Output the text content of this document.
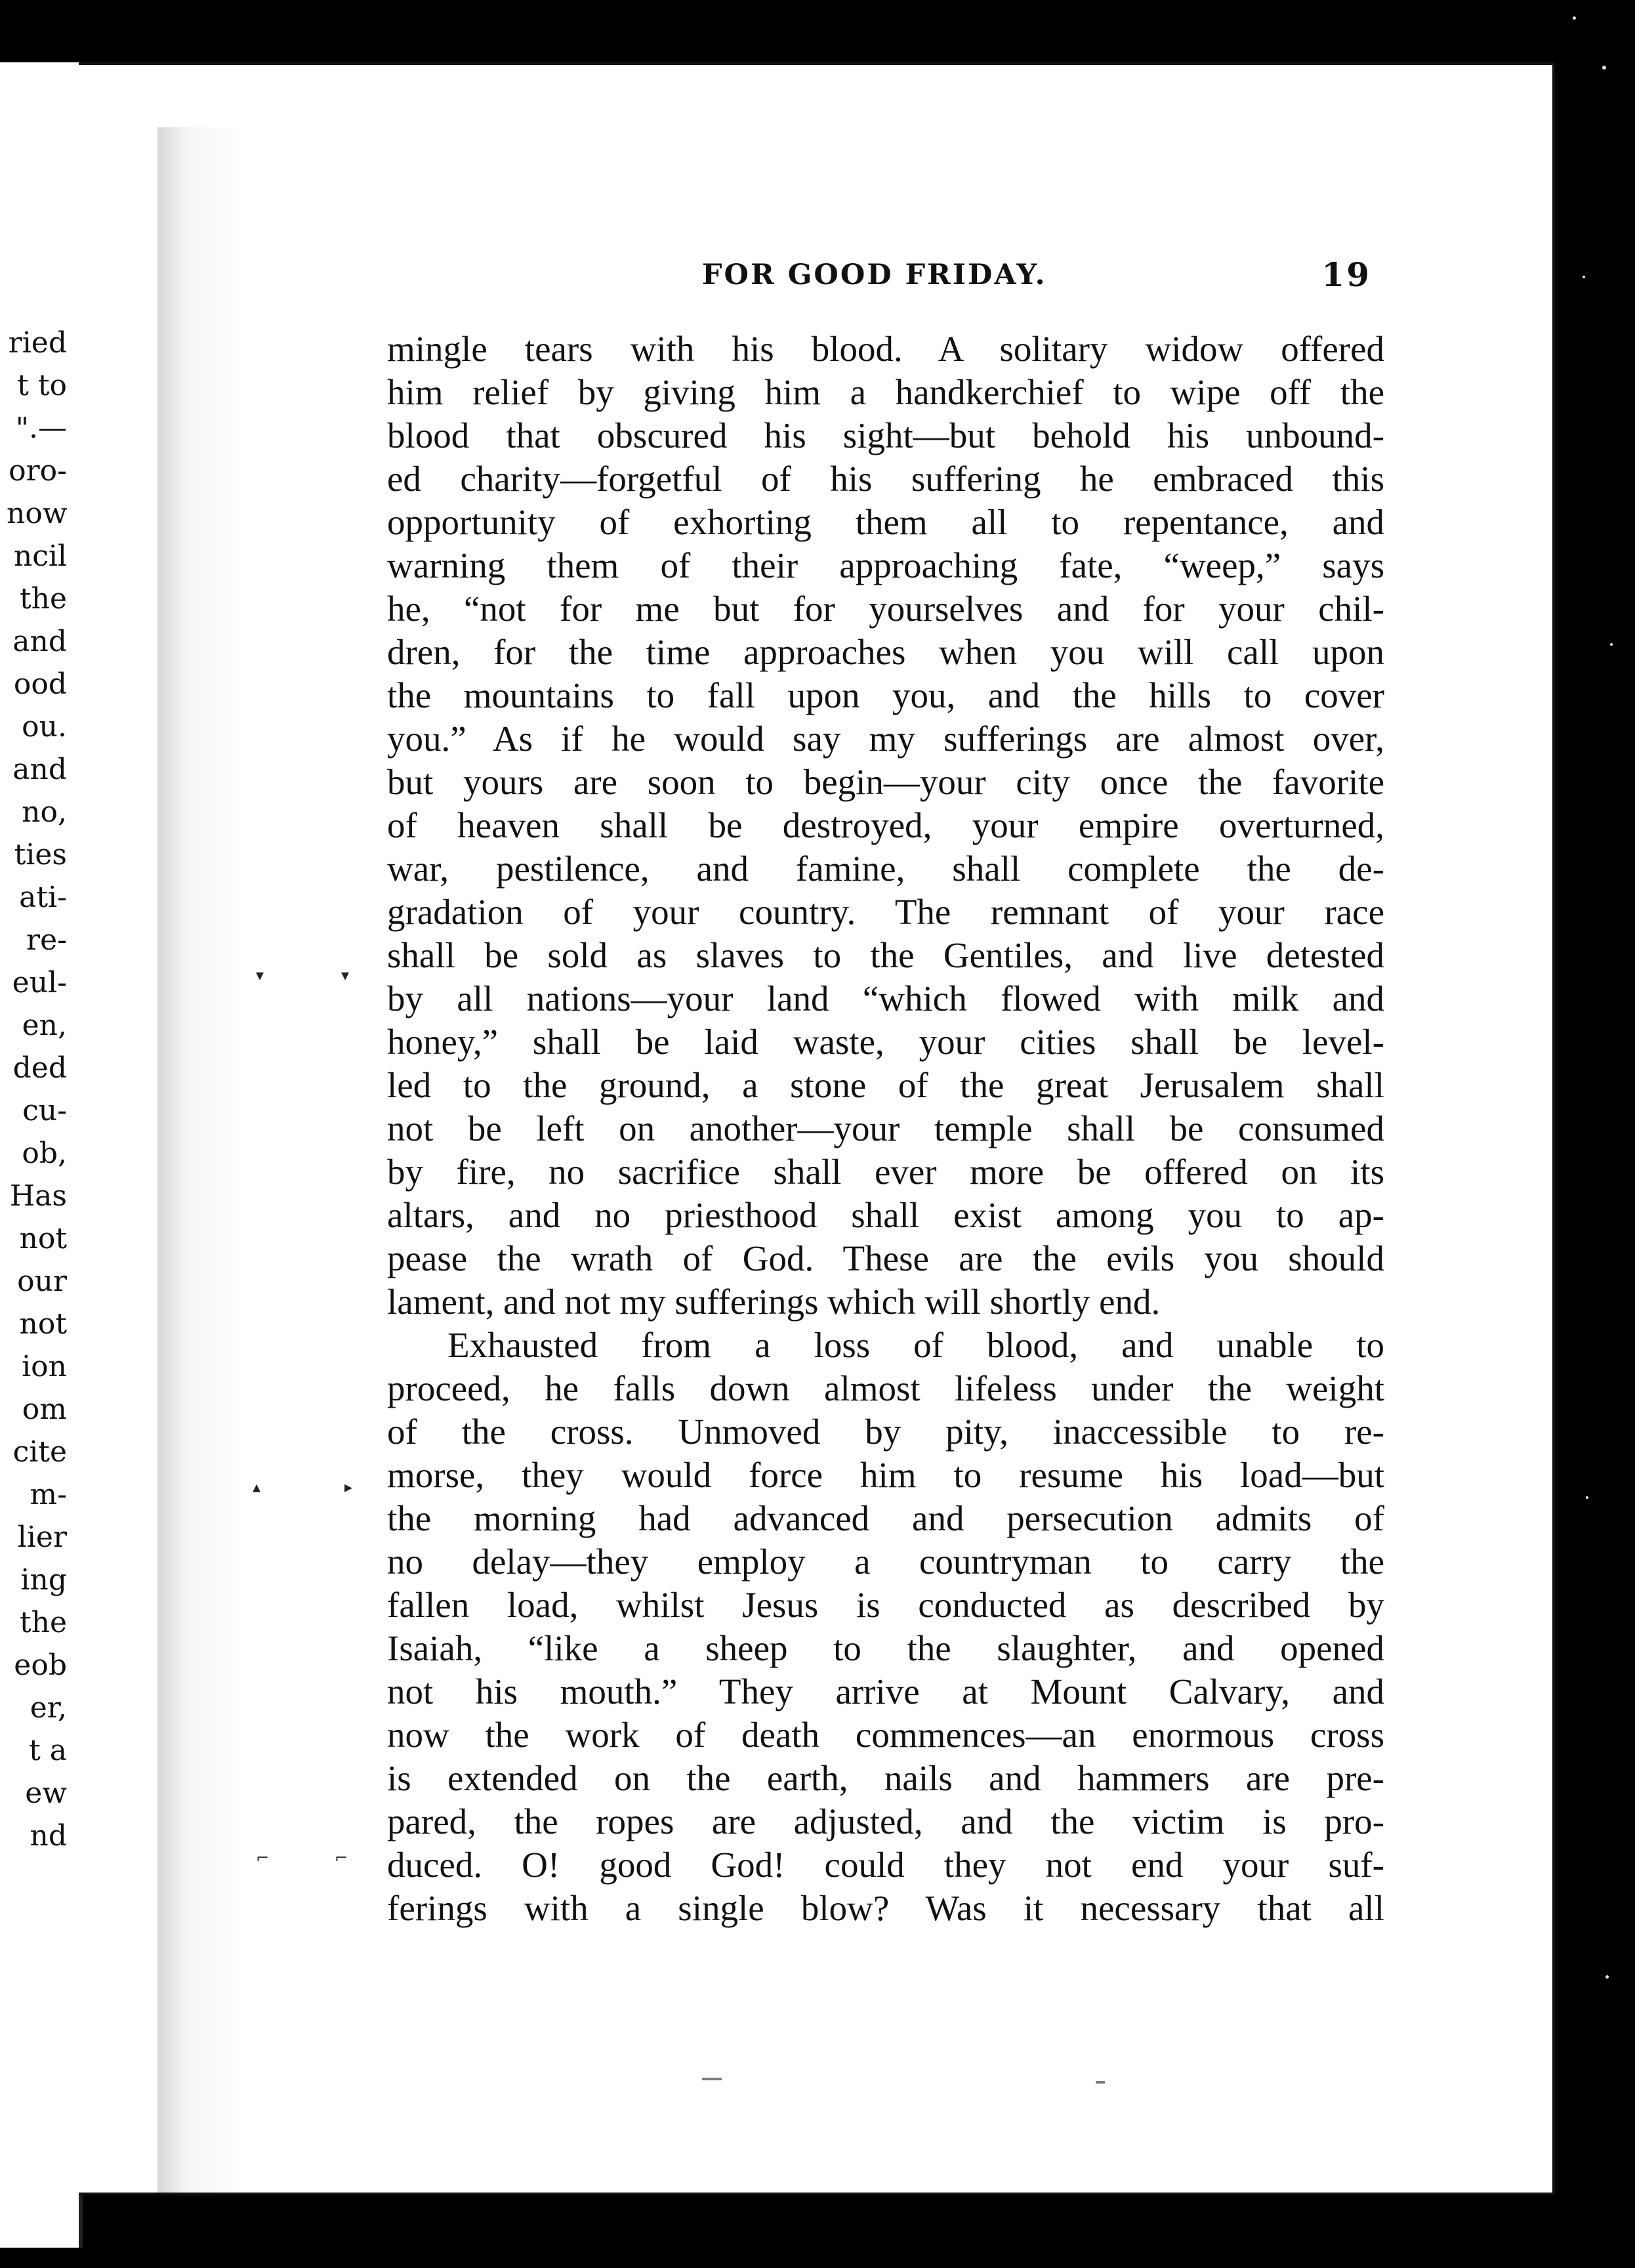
ried
t to
".—
oro-
now
ncil
the
and
ood
ou.
and
no,
ties
ati-
re-
eul-
en,
ded
cu-
ob,
Has
not
our
not
ion
om
cite
m-
lier
ing
the
eob
er,
t a
ew
nd
▾	▾
▴	▸
⌐	⌐
FOR GOOD FRIDAY.	19
mingle tears with his blood. A solitary widow offered
him relief by giving him a handkerchief to wipe off the
blood that obscured his sight—but behold his unbound-
ed charity—forgetful of his suffering he embraced this
opportunity of exhorting them all to repentance, and
warning them of their approaching fate, “weep,” says
he, “not for me but for yourselves and for your chil-
dren, for the time approaches when you will call upon
the mountains to fall upon you, and the hills to cover
you.” As if he would say my sufferings are almost over,
but yours are soon to begin—your city once the favorite
of heaven shall be destroyed, your empire overturned,
war, pestilence, and famine, shall complete the de-
gradation of your country. The remnant of your race
shall be sold as slaves to the Gentiles, and live detested
by all nations—your land “which flowed with milk and
honey,” shall be laid waste, your cities shall be level-
led to the ground, a stone of the great Jerusalem shall
not be left on another—your temple shall be consumed
by fire, no sacrifice shall ever more be offered on its
altars, and no priesthood shall exist among you to ap-
pease the wrath of God. These are the evils you should
lament, and not my sufferings which will shortly end.
Exhausted from a loss of blood, and unable to
proceed, he falls down almost lifeless under the weight
of the cross. Unmoved by pity, inaccessible to re-
morse, they would force him to resume his load—but
the morning had advanced and persecution admits of
no delay—they employ a countryman to carry the
fallen load, whilst Jesus is conducted as described by
Isaiah, “like a sheep to the slaughter, and opened
not his mouth.” They arrive at Mount Calvary, and
now the work of death commences—an enormous cross
is extended on the earth, nails and hammers are pre-
pared, the ropes are adjusted, and the victim is pro-
duced. O! good God! could they not end your suf-
ferings with a single blow? Was it necessary that all
